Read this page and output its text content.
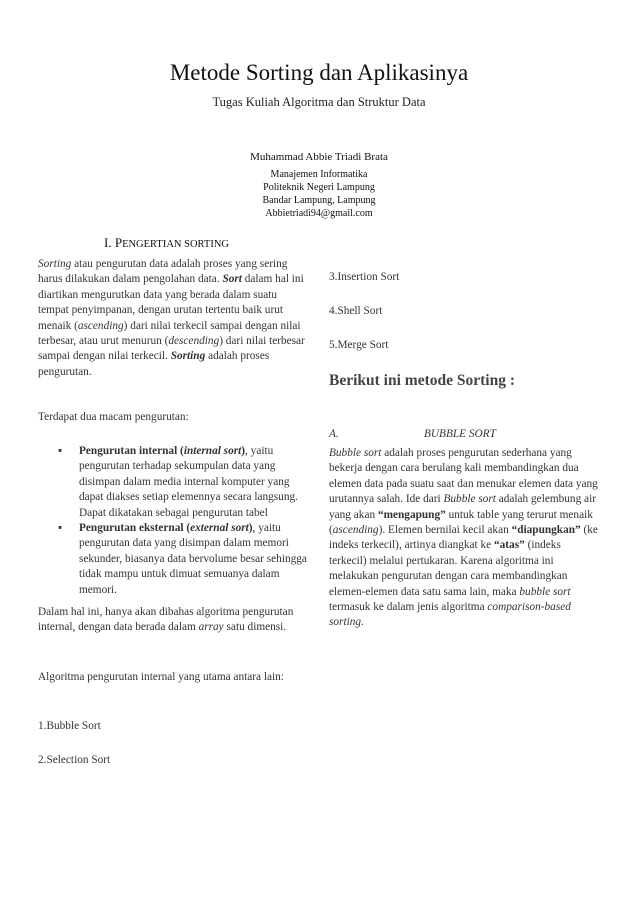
Metode Sorting dan Aplikasinya
Tugas Kuliah Algoritma dan Struktur Data
Muhammad Abbie Triadi Brata
Manajemen Informatika
Politeknik Negeri Lampung
Bandar Lampung, Lampung
Abbietriadi94@gmail.com
I. PENGERTIAN SORTING

Sorting atau pengurutan data adalah proses yang sering harus dilakukan dalam pengolahan data. Sort dalam hal ini diartikan mengurutkan data yang berada dalam suatu tempat penyimpanan, dengan urutan tertentu baik urut menaik (ascending) dari nilai terkecil sampai dengan nilai terbesar, atau urut menurun (descending) dari nilai terbesar sampai dengan nilai terkecil. Sorting adalah proses pengurutan.

Terdapat dua macam pengurutan:
▪ Pengurutan internal (internal sort), yaitu pengurutan terhadap sekumpulan data yang disimpan dalam media internal komputer yang dapat diakses setiap elemennya secara langsung. Dapat dikatakan sebagai pengurutan tabel
▪ Pengurutan eksternal (external sort), yaitu pengurutan data yang disimpan dalam memori sekunder, biasanya data bervolume besar sehingga tidak mampu untuk dimuat semuanya dalam memori.

Dalam hal ini, hanya akan dibahas algoritma pengurutan internal, dengan data berada dalam array satu dimensi.

Algoritma pengurutan internal yang utama antara lain:
1.Bubble Sort
2.Selection Sort
3.Insertion Sort
4.Shell Sort
5.Merge Sort
Berikut ini metode Sorting :
A.	BUBBLE SORT

Bubble sort adalah proses pengurutan sederhana yang bekerja dengan cara berulang kali membandingkan dua elemen data pada suatu saat dan menukar elemen data yang urutannya salah. Ide dari Bubble sort adalah gelembung air yang akan “mengapung” untuk table yang terurut menaik (ascending). Elemen bernilai kecil akan “diapungkan” (ke indeks terkecil), artinya diangkat ke “atas” (indeks terkecil) melalui pertukaran. Karena algoritma ini melakukan pengurutan dengan cara membandingkan elemen-elemen data satu sama lain, maka bubble sort termasuk ke dalam jenis algoritma comparison-based sorting.
